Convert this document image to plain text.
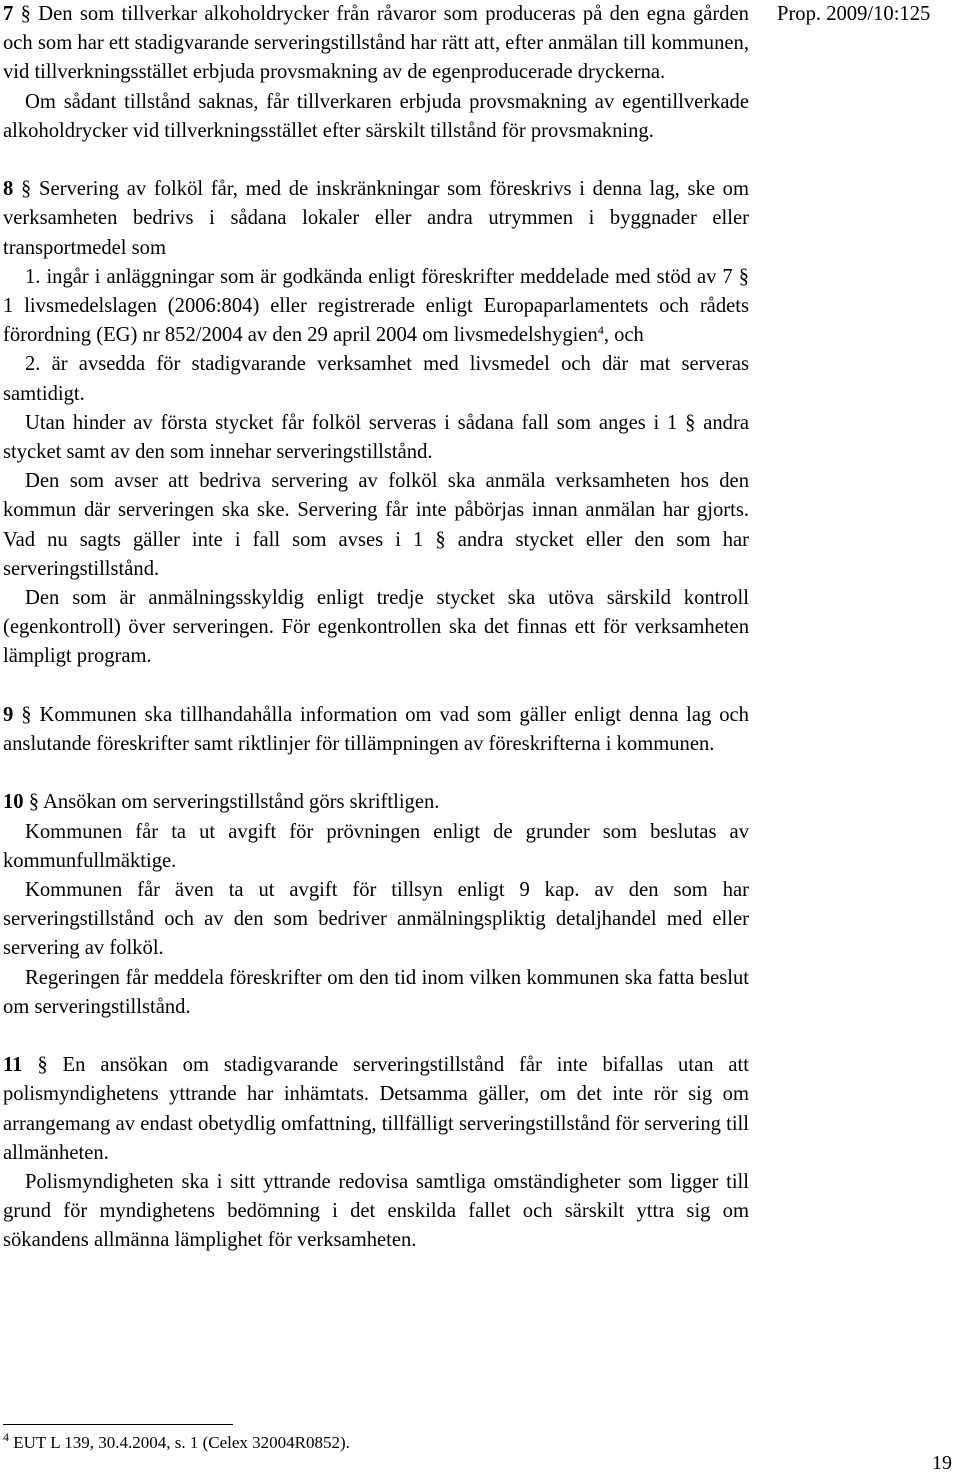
Prop. 2009/10:125

7 § Den som tillverkar alkoholdrycker från råvaror som produceras på den egna gården och som har ett stadigvarande serveringstillstånd har rätt att, efter anmälan till kommunen, vid tillverkningsstället erbjuda provsmakning av de egenproducerade dryckerna.

Om sådant tillstånd saknas, får tillverkaren erbjuda provsmakning av egentillverkade alkoholdrycker vid tillverkningsstället efter särskilt tillstånd för provsmakning.

8 § Servering av folköl får, med de inskränkningar som föreskrivs i denna lag, ske om verksamheten bedrivs i sådana lokaler eller andra utrymmen i byggnader eller transportmedel som

1. ingår i anläggningar som är godkända enligt föreskrifter meddelade med stöd av 7 § 1 livsmedelslagen (2006:804) eller registrerade enligt Europaparlamentets och rådets förordning (EG) nr 852/2004 av den 29 april 2004 om livsmedelshygien$^4$, och

2. är avsedda för stadigvarande verksamhet med livsmedel och där mat serveras samtidigt.

Utan hinder av första stycket får folköl serveras i sådana fall som anges i 1 § andra stycket samt av den som innehar serveringstillstånd.

Den som avser att bedriva servering av folköl ska anmäla verksamheten hos den kommun där serveringen ska ske. Servering får inte påbörjas innan anmälan har gjorts. Vad nu sagts gäller inte i fall som avses i 1 § andra stycket eller den som har serveringstillstånd.

Den som är anmälningsskyldig enligt tredje stycket ska utöva särskild kontroll (egenkontroll) över serveringen. För egenkontrollen ska det finnas ett för verksamheten lämpligt program.

9 § Kommunen ska tillhandahålla information om vad som gäller enligt denna lag och anslutande föreskrifter samt riktlinjer för tillämpningen av föreskrifterna i kommunen.

10 § Ansökan om serveringstillstånd görs skriftligen.

Kommunen får ta ut avgift för prövningen enligt de grunder som beslutas av kommunfullmäktige.

Kommunen får även ta ut avgift för tillsyn enligt 9 kap. av den som har serveringstillstånd och av den som bedriver anmälningspliktig detaljhandel med eller servering av folköl.

Regeringen får meddela föreskrifter om den tid inom vilken kommunen ska fatta beslut om serveringstillstånd.

11 § En ansökan om stadigvarande serveringstillstånd får inte bifallas utan att polismyndighetens yttrande har inhämtats. Detsamma gäller, om det inte rör sig om arrangemang av endast obetydlig omfattning, tillfälligt serveringstillstånd för servering till allmänheten.

Polismyndigheten ska i sitt yttrande redovisa samtliga omständigheter som ligger till grund för myndighetens bedömning i det enskilda fallet och särskilt yttra sig om sökandens allmänna lämplighet för verksamheten.

$^4$ EUT L 139, 30.4.2004, s. 1 (Celex 32004R0852).
19
